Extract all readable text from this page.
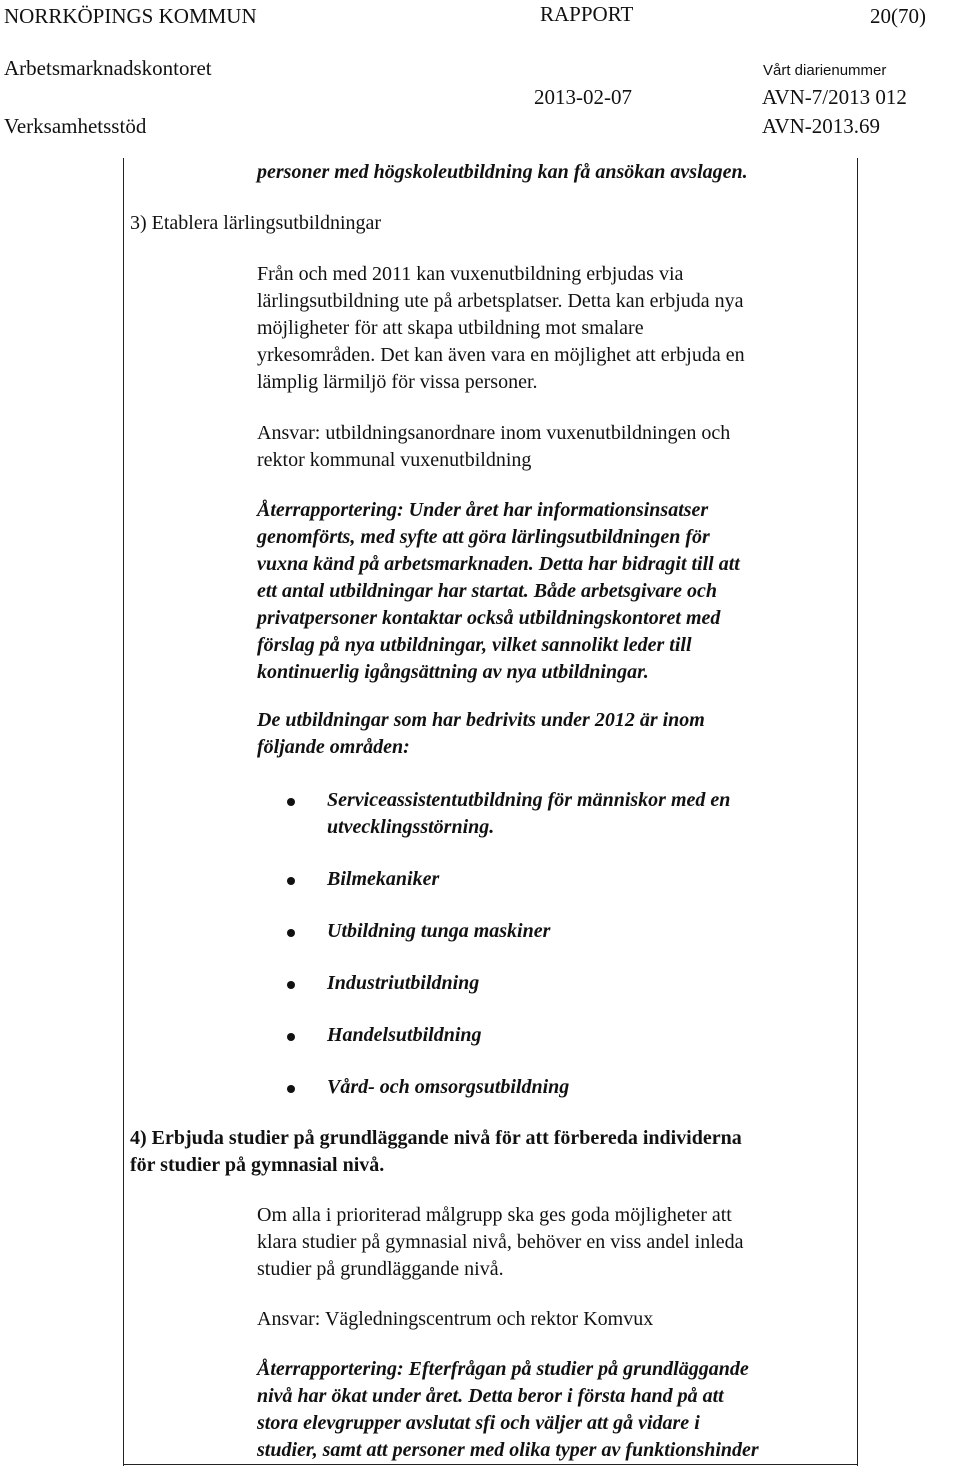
NORRKÖPINGS KOMMUN	RAPPORT	20(70)
Arbetsmarknadskontoret	Vårt diarienummer
2013-02-07	AVN-7/2013 012
Verksamhetsstöd	AVN-2013.69
personer med högskoleutbildning kan få ansökan avslagen.
3) Etablera lärlingsutbildningar
Från och med 2011 kan vuxenutbildning erbjudas via
lärlingsutbildning ute på arbetsplatser. Detta kan erbjuda nya
möjligheter för att skapa utbildning mot smalare
yrkesområden. Det kan även vara en möjlighet att erbjuda en
lämplig lärmiljö för vissa personer.
Ansvar: utbildningsanordnare inom vuxenutbildningen och
rektor kommunal vuxenutbildning
Återrapportering: Under året har informationsinsatser
genomförts, med syfte att göra lärlingsutbildningen för
vuxna känd på arbetsmarknaden. Detta har bidragit till att
ett antal utbildningar har startat. Både arbetsgivare och
privatpersoner kontaktar också utbildningskontoret med
förslag på nya utbildningar, vilket sannolikt leder till
kontinuerlig igångsättning av nya utbildningar.
De utbildningar som har bedrivits under 2012 är inom
följande områden:
Serviceassistentutbildning för människor med en
utvecklingsstörning.
Bilmekaniker
Utbildning tunga maskiner
Industriutbildning
Handelsutbildning
Vård- och omsorgsutbildning
4) Erbjuda studier på grundläggande nivå för att förbereda individerna
för studier på gymnasial nivå.
Om alla i prioriterad målgrupp ska ges goda möjligheter att
klara studier på gymnasial nivå, behöver en viss andel inleda
studier på grundläggande nivå.
Ansvar: Vägledningscentrum och rektor Komvux
Återrapportering: Efterfrågan på studier på grundläggande
nivå har ökat under året. Detta beror i första hand på att
stora elevgrupper avslutat sfi och väljer att gå vidare i
studier, samt att personer med olika typer av funktionshinder
